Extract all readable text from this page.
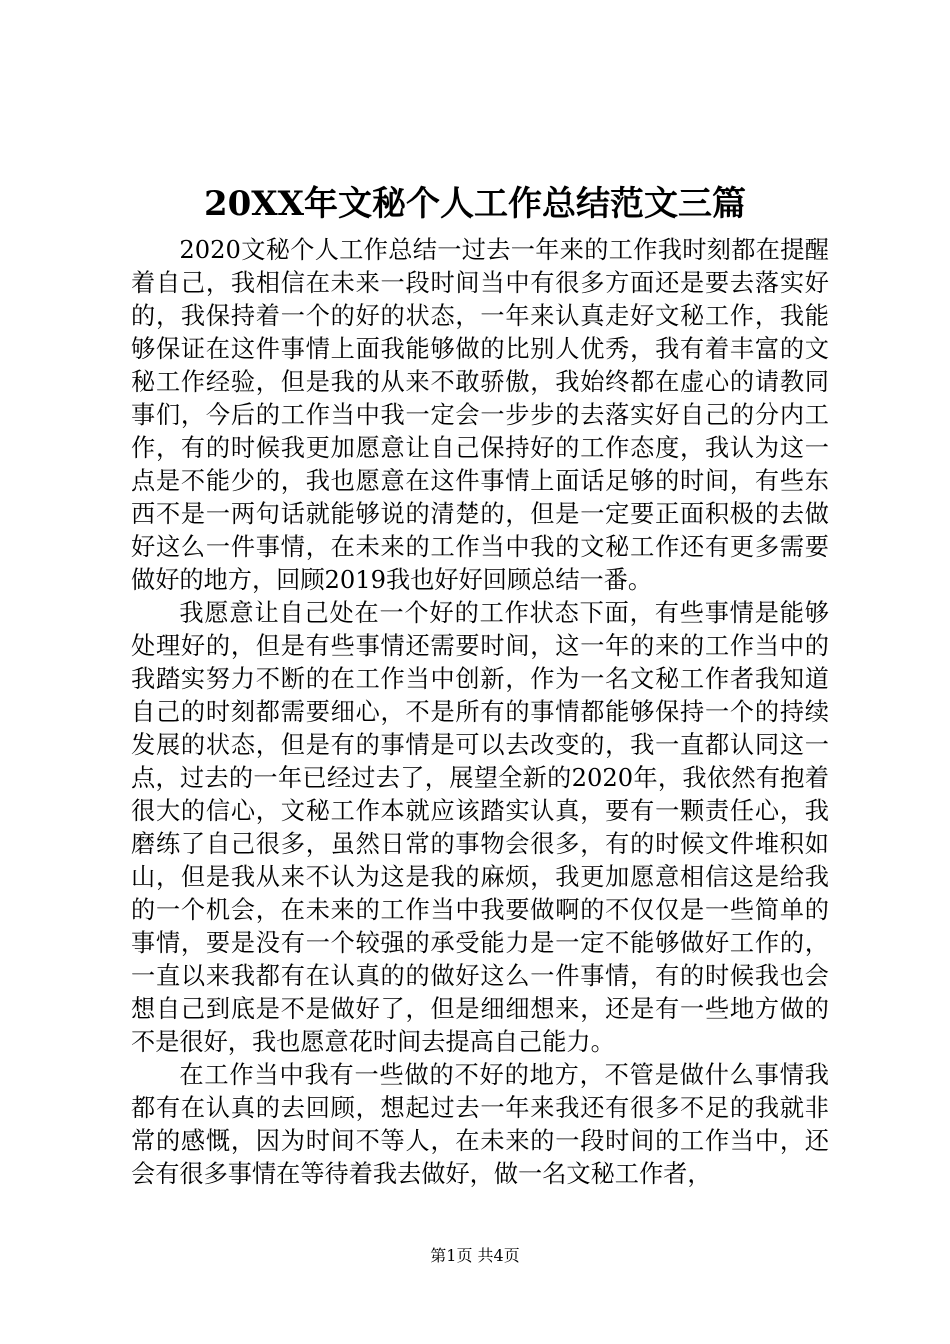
20XX年文秘个人工作总结范文三篇

2020文秘个人工作总结一过去一年来的工作我时刻都在提醒着自己，我相信在未来一段时间当中有很多方面还是要去落实好的，我保持着一个的好的状态，一年来认真走好文秘工作，我能够保证在这件事情上面我能够做的比别人优秀，我有着丰富的文秘工作经验，但是我的从来不敢骄傲，我始终都在虚心的请教同事们，今后的工作当中我一定会一步步的去落实好自己的分内工作，有的时候我更加愿意让自己保持好的工作态度，我认为这一点是不能少的，我也愿意在这件事情上面话足够的时间，有些东西不是一两句话就能够说的清楚的，但是一定要正面积极的去做好这么一件事情，在未来的工作当中我的文秘工作还有更多需要做好的地方，回顾2019我也好好回顾总结一番。

我愿意让自己处在一个好的工作状态下面，有些事情是能够处理好的，但是有些事情还需要时间，这一年的来的工作当中的我踏实努力不断的在工作当中创新，作为一名文秘工作者我知道自己的时刻都需要细心，不是所有的事情都能够保持一个的持续发展的状态，但是有的事情是可以去改变的，我一直都认同这一点，过去的一年已经过去了，展望全新的2020年，我依然有抱着很大的信心，文秘工作本就应该踏实认真，要有一颗责任心，我磨练了自己很多，虽然日常的事物会很多，有的时候文件堆积如山，但是我从来不认为这是我的麻烦，我更加愿意相信这是给我的一个机会，在未来的工作当中我要做啊的不仅仅是一些简单的事情，要是没有一个较强的承受能力是一定不能够做好工作的，一直以来我都有在认真的的做好这么一件事情，有的时候我也会想自己到底是不是做好了，但是细细想来，还是有一些地方做的不是很好，我也愿意花时间去提高自己能力。

在工作当中我有一些做的不好的地方，不管是做什么事情我都有在认真的去回顾，想起过去一年来我还有很多不足的我就非常的感慨，因为时间不等人，在未来的一段时间的工作当中，还会有很多事情在等待着我去做好，做一名文秘工作者，

第1页 共4页
